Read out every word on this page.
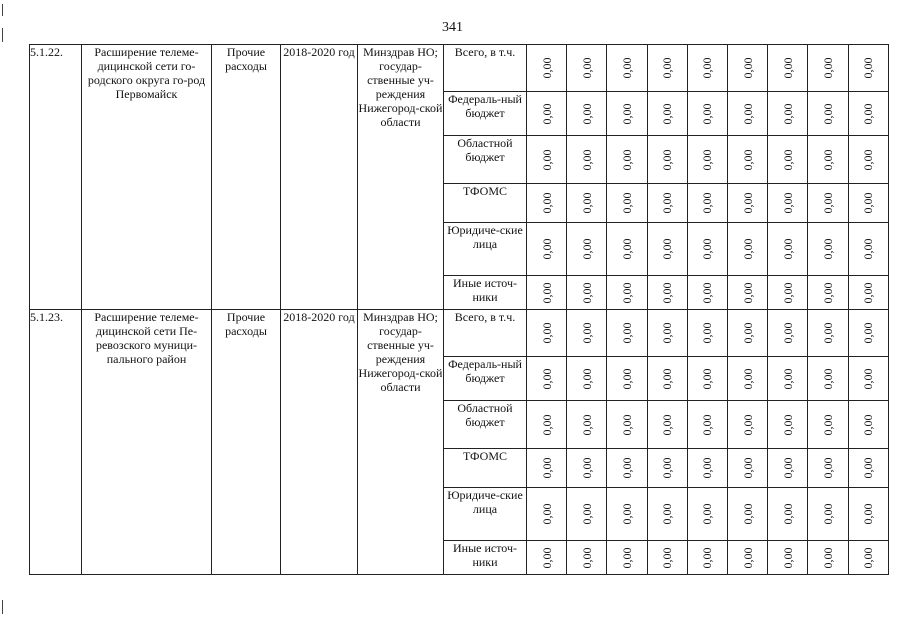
341
5.1.22.	Расширение телеме-дицинской сети го-родского округа го-род Первомайск	Прочие расходы	2018-2020 год	Минздрав НО; государ-ственные уч-реждения Нижегород-ской области	Всего, в т.ч.	0,00	0,00	0,00	0,00	0,00	0,00	0,00	0,00	0,00

					Федераль-ный бюджет	0,00	0,00	0,00	0,00	0,00	0,00	0,00	0,00	0,00

					Областной бюджет	0,00	0,00	0,00	0,00	0,00	0,00	0,00	0,00	0,00

					ТФОМС	0,00	0,00	0,00	0,00	0,00	0,00	0,00	0,00	0,00

					Юридиче-ские лица	0,00	0,00	0,00	0,00	0,00	0,00	0,00	0,00	0,00

					Иные источ-ники	0,00	0,00	0,00	0,00	0,00	0,00	0,00	0,00	0,00

5.1.23.	Расширение телеме-дицинской сети Пе-ревозского муници-пального район	Прочие расходы	2018-2020 год	Минздрав НО; государ-ственные уч-реждения Нижегород-ской области	Всего, в т.ч.	0,00	0,00	0,00	0,00	0,00	0,00	0,00	0,00	0,00

					Федераль-ный бюджет	0,00	0,00	0,00	0,00	0,00	0,00	0,00	0,00	0,00

					Областной бюджет	0,00	0,00	0,00	0,00	0,00	0,00	0,00	0,00	0,00

					ТФОМС	0,00	0,00	0,00	0,00	0,00	0,00	0,00	0,00	0,00

					Юридиче-ские лица	0,00	0,00	0,00	0,00	0,00	0,00	0,00	0,00	0,00

					Иные источ-ники	0,00	0,00	0,00	0,00	0,00	0,00	0,00	0,00	0,00
